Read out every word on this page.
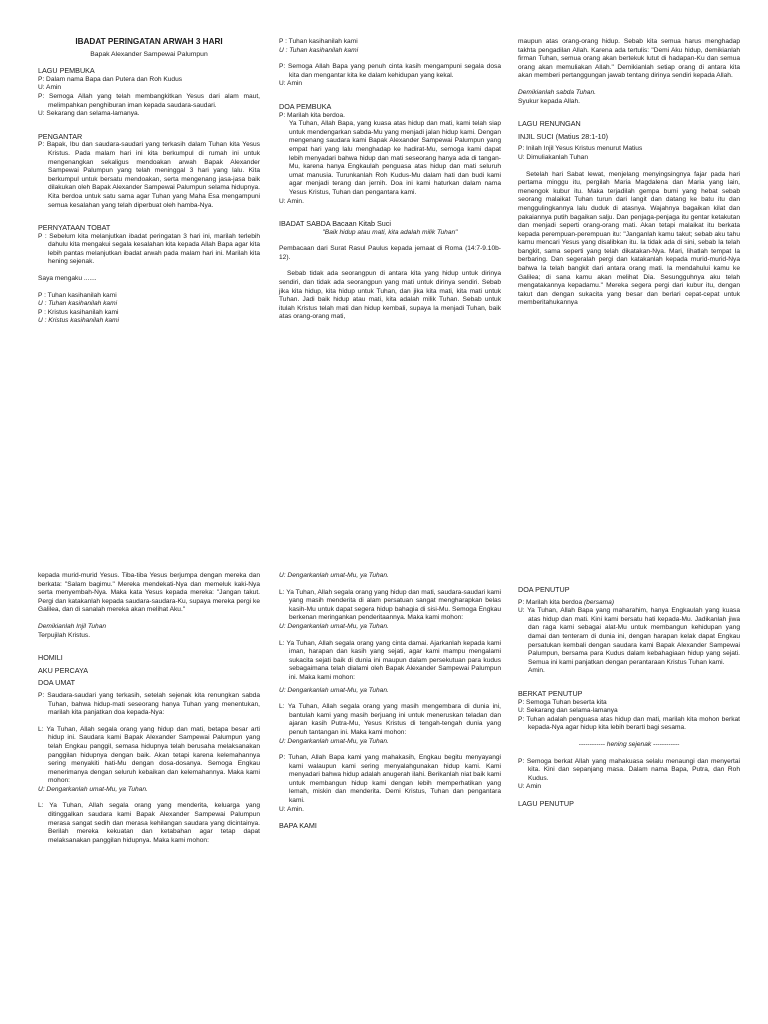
IBADAT PERINGATAN ARWAH 3 HARI

Bapak Alexander Sampewai Palumpun

LAGU PEMBUKA

P: Dalam nama Bapa dan Putera dan Roh Kudus

U: Amin

P: Semoga Allah yang telah membangkitkan Yesus dari alam maut, melimpahkan penghiburan iman kepada saudara-saudari.

U: Sekarang dan selama-lamanya.

PENGANTAR

P: Bapak, Ibu dan saudara-saudari yang terkasih dalam Tuhan kita Yesus Kristus. Pada malam hari ini kita berkumpul di rumah ini untuk mengenangkan sekaligus mendoakan arwah Bapak Alexander Sampewai Palumpun yang telah meninggal 3 hari yang lalu. Kita berkumpul untuk bersatu mendoakan, serta mengenang jasa-jasa baik dilakukan oleh Bapak Alexander Sampewai Palumpun selama hidupnya. Kita berdoa untuk satu sama agar Tuhan yang Maha Esa mengampuni semua kesalahan yang telah diperbuat oleh hamba-Nya.

PERNYATAAN TOBAT

P : Sebelum kita melanjutkan ibadat peringatan 3 hari ini, marilah terlebih dahulu kita mengakui segala kesalahan kita kepada Allah Bapa agar kita lebih pantas melanjutkan ibadat arwah pada malam hari ini. Marilah kita hening sejenak.

Saya mengaku .......

P : Tuhan kasihanilah kami

U : Tuhan kasihanilah kami

P : Kristus kasihanilah kami

U : Kristus kasihanilah kami

P : Tuhan kasihanilah kami

U : Tuhan kasihanilah kami

P: Semoga Allah Bapa yang penuh cinta kasih mengampuni segala dosa kita dan mengantar kita ke dalam kehidupan yang kekal.

U: Amin

DOA PEMBUKA

P: Marilah kita berdoa.

Ya Tuhan, Allah Bapa, yang kuasa atas hidup dan mati, kami telah siap untuk mendengarkan sabda-Mu yang menjadi jalan hidup kami. Dengan mengenang saudara kami Bapak Alexander Sampewai Palumpun yang empat hari yang lalu menghadap ke hadirat-Mu, semoga kami dapat lebih menyadari bahwa hidup dan mati seseorang hanya ada di tangan-Mu, karena hanya Engkaulah penguasa atas hidup dan mati seluruh umat manusia. Turunkanlah Roh Kudus-Mu dalam hati dan budi kami agar menjadi terang dan jernih. Doa ini kami haturkan dalam nama Yesus Kristus, Tuhan dan pengantara kami.

U: Amin.

IBADAT SABDA Bacaan Kitab Suci

"Baik hidup atau mati, kita adalah milik Tuhan"

Pembacaan dari Surat Rasul Paulus kepada jemaat di Roma (14:7-9.10b-12).

Sebab tidak ada seorangpun di antara kita yang hidup untuk dirinya sendiri, dan tidak ada seorangpun yang mati untuk dirinya sendiri. Sebab jika kita hidup, kita hidup untuk Tuhan, dan jika kita mati, kita mati untuk Tuhan. Jadi baik hidup atau mati, kita adalah milik Tuhan. Sebab untuk itulah Kristus telah mati dan hidup kembali, supaya Ia menjadi Tuhan, baik atas orang-orang mati,

maupun atas orang-orang hidup. Sebab kita semua harus menghadap takhta pengadilan Allah. Karena ada tertulis: "Demi Aku hidup, demikianlah firman Tuhan, semua orang akan bertekuk lutut di hadapan-Ku dan semua orang akan memuliakan Allah." Demikianlah setiap orang di antara kita akan memberi pertanggungan jawab tentang dirinya sendiri kepada Allah.

Demikianlah sabda Tuhan.

Syukur kepada Allah.

LAGU RENUNGAN

INJIL SUCI (Matius 28:1-10)

P: Inilah Injil Yesus Kristus menurut Matius

U: Dimuliakanlah Tuhan

Setelah hari Sabat lewat, menjelang menyingsingnya fajar pada hari pertama minggu itu, pergilah Maria Magdalena dan Maria yang lain, menengok kubur itu. Maka terjadilah gempa bumi yang hebat sebab seorang malaikat Tuhan turun dari langit dan datang ke batu itu dan menggulingkannya lalu duduk di atasnya. Wajahnya bagaikan kilat dan pakaiannya putih bagaikan salju. Dan penjaga-penjaga itu gentar ketakutan dan menjadi seperti orang-orang mati. Akan tetapi malaikat itu berkata kepada perempuan-perempuan itu: "Janganlah kamu takut; sebab aku tahu kamu mencari Yesus yang disalibkan itu. Ia tidak ada di sini, sebab Ia telah bangkit, sama seperti yang telah dikatakan-Nya. Mari, lihatlah tempat Ia berbaring. Dan segeralah pergi dan katakanlah kepada murid-murid-Nya bahwa Ia telah bangkit dari antara orang mati. Ia mendahului kamu ke Galilea; di sana kamu akan melihat Dia. Sesungguhnya aku telah mengatakannya kepadamu." Mereka segera pergi dari kubur itu, dengan takut dan dengan sukacita yang besar dan berlari cepat-cepat untuk memberitahukannya

kepada murid-murid Yesus. Tiba-tiba Yesus berjumpa dengan mereka dan berkata: "Salam bagimu." Mereka mendekati-Nya dan memeluk kaki-Nya serta menyembah-Nya. Maka kata Yesus kepada mereka: "Jangan takut. Pergi dan katakanlah kepada saudara-saudara-Ku, supaya mereka pergi ke Galilea, dan di sanalah mereka akan melihat Aku."

Demikianlah Injil Tuhan

Terpujilah Kristus.

HOMILI

AKU PERCAYA

DOA UMAT

P: Saudara-saudari yang terkasih, setelah sejenak kita renungkan sabda Tuhan, bahwa hidup-mati seseorang hanya Tuhan yang menentukan, marilah kita panjatkan doa kepada-Nya:

L: Ya Tuhan, Allah segala orang yang hidup dan mati, betapa besar arti hidup ini. Saudara kami Bapak Alexander Sampewai Palumpun yang telah Engkau panggil, semasa hidupnya telah berusaha melaksanakan panggilan hidupnya dengan baik. Akan tetapi karena kelemahannya sering menyakiti hati-Mu dengan dosa-dosanya. Semoga Engkau menerimanya dengan seluruh kebaikan dan kelemahannya. Maka kami mohon:

U: Dengarkanlah umat-Mu, ya Tuhan.

L: Ya Tuhan, Allah segala orang yang menderita, keluarga yang ditinggalkan saudara kami Bapak Alexander Sampewai Palumpun merasa sangat sedih dan merasa kehilangan saudara yang dicintainya. Berilah mereka kekuatan dan ketabahan agar tetap dapat melaksanakan panggilan hidupnya. Maka kami mohon:

U: Dengarkanlah umat-Mu, ya Tuhan.

L: Ya Tuhan, Allah segala orang yang hidup dan mati, saudara-saudari kami yang masih menderita di alam persatuan sangat mengharapkan belas kasih-Mu untuk dapat segera hidup bahagia di sisi-Mu. Semoga Engkau berkenan meringankan penderitaannya. Maka kami mohon:

U: Dengarkanlah umat-Mu, ya Tuhan.

L: Ya Tuhan, Allah segala orang yang cinta damai. Ajarkanlah kepada kami iman, harapan dan kasih yang sejati, agar kami mampu mengalami sukacita sejati baik di dunia ini maupun dalam persekutuan para kudus sebagaimana telah dialami oleh Bapak Alexander Sampewai Palumpun ini. Maka kami mohon:

U: Dengarkanlah umat-Mu, ya Tuhan.

L: Ya Tuhan, Allah segala orang yang masih mengembara di dunia ini, bantulah kami yang masih berjuang ini untuk meneruskan teladan dan ajaran kasih Putra-Mu, Yesus Kristus di tengah-tengah dunia yang penuh tantangan ini. Maka kami mohon:

U: Dengarkanlah umat-Mu, ya Tuhan.

P: Tuhan, Allah Bapa kami yang mahakasih, Engkau begitu menyayangi kami walaupun kami sering menyalahgunakan hidup kami. Kami menyadari bahwa hidup adalah anugerah ilahi. Berikanlah niat baik kami untuk membangun hidup kami dengan lebih memperhatikan yang lemah, miskin dan menderita. Demi Kristus, Tuhan dan pengantara kami.

U: Amin.

BAPA KAMI

DOA PENUTUP

P: Marilah kita berdoa (bersama)

U: Ya Tuhan, Allah Bapa yang maharahim, hanya Engkaulah yang kuasa atas hidup dan mati. Kini kami bersatu hati kepada-Mu. Jadikanlah jiwa dan raga kami sebagai alat-Mu untuk membangun kehidupan yang damai dan tenteram di dunia ini, dengan harapan kelak dapat Engkau persatukan kembali dengan saudara kami Bapak Alexander Sampewai Palumpun, bersama para Kudus dalam kebahagiaan hidup yang sejati. Semua ini kami panjatkan dengan perantaraan Kristus Tuhan kami.

Amin.

BERKAT PENUTUP

P: Semoga Tuhan beserta kita

U: Sekarang dan selama-lamanya

P: Tuhan adalah penguasa atas hidup dan mati, marilah kita mohon berkat kepada-Nya agar hidup kita lebih berarti bagi sesama.

------------ hening sejenak ------------

P: Semoga berkat Allah yang mahakuasa selalu menaungi dan menyertai kita. Kini dan sepanjang masa. Dalam nama Bapa, Putra, dan Roh Kudus.

U: Amin

LAGU PENUTUP
